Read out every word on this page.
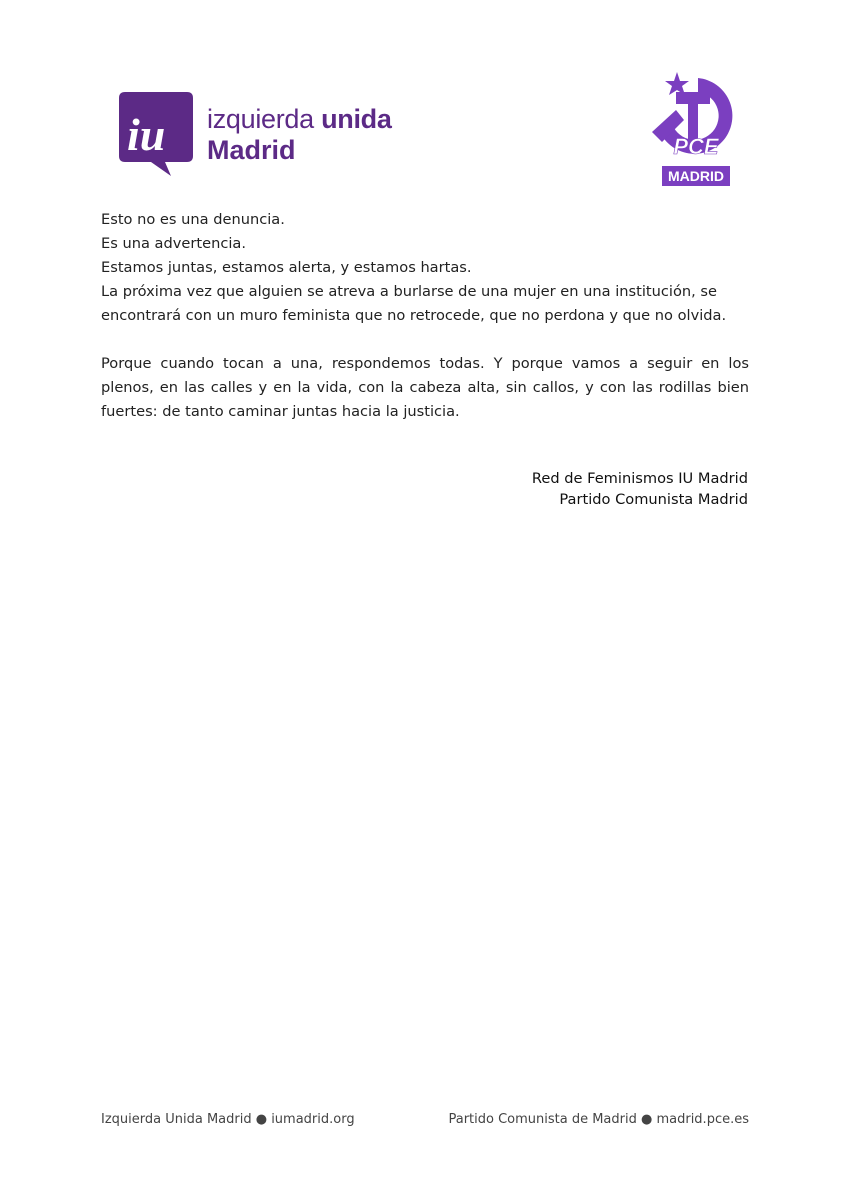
iu izquierda unida
Madrid	PCE
MADRID

Esto no es una denuncia.

Es una advertencia.

Estamos juntas, estamos alerta, y estamos hartas.

La próxima vez que alguien se atreva a burlarse de una mujer en una institución, se

encontrará con un muro feminista que no retrocede, que no perdona y que no olvida.

Porque cuando tocan a una, respondemos todas. Y porque vamos a seguir en los plenos, en las calles y en la vida, con la cabeza alta, sin callos, y con las rodillas bien fuertes: de tanto caminar juntas hacia la justicia.

Red de Feminismos IU Madrid
Partido Comunista Madrid
Izquierda Unida Madrid ● iumadrid.org	Partido Comunista de Madrid ● madrid.pce.es
